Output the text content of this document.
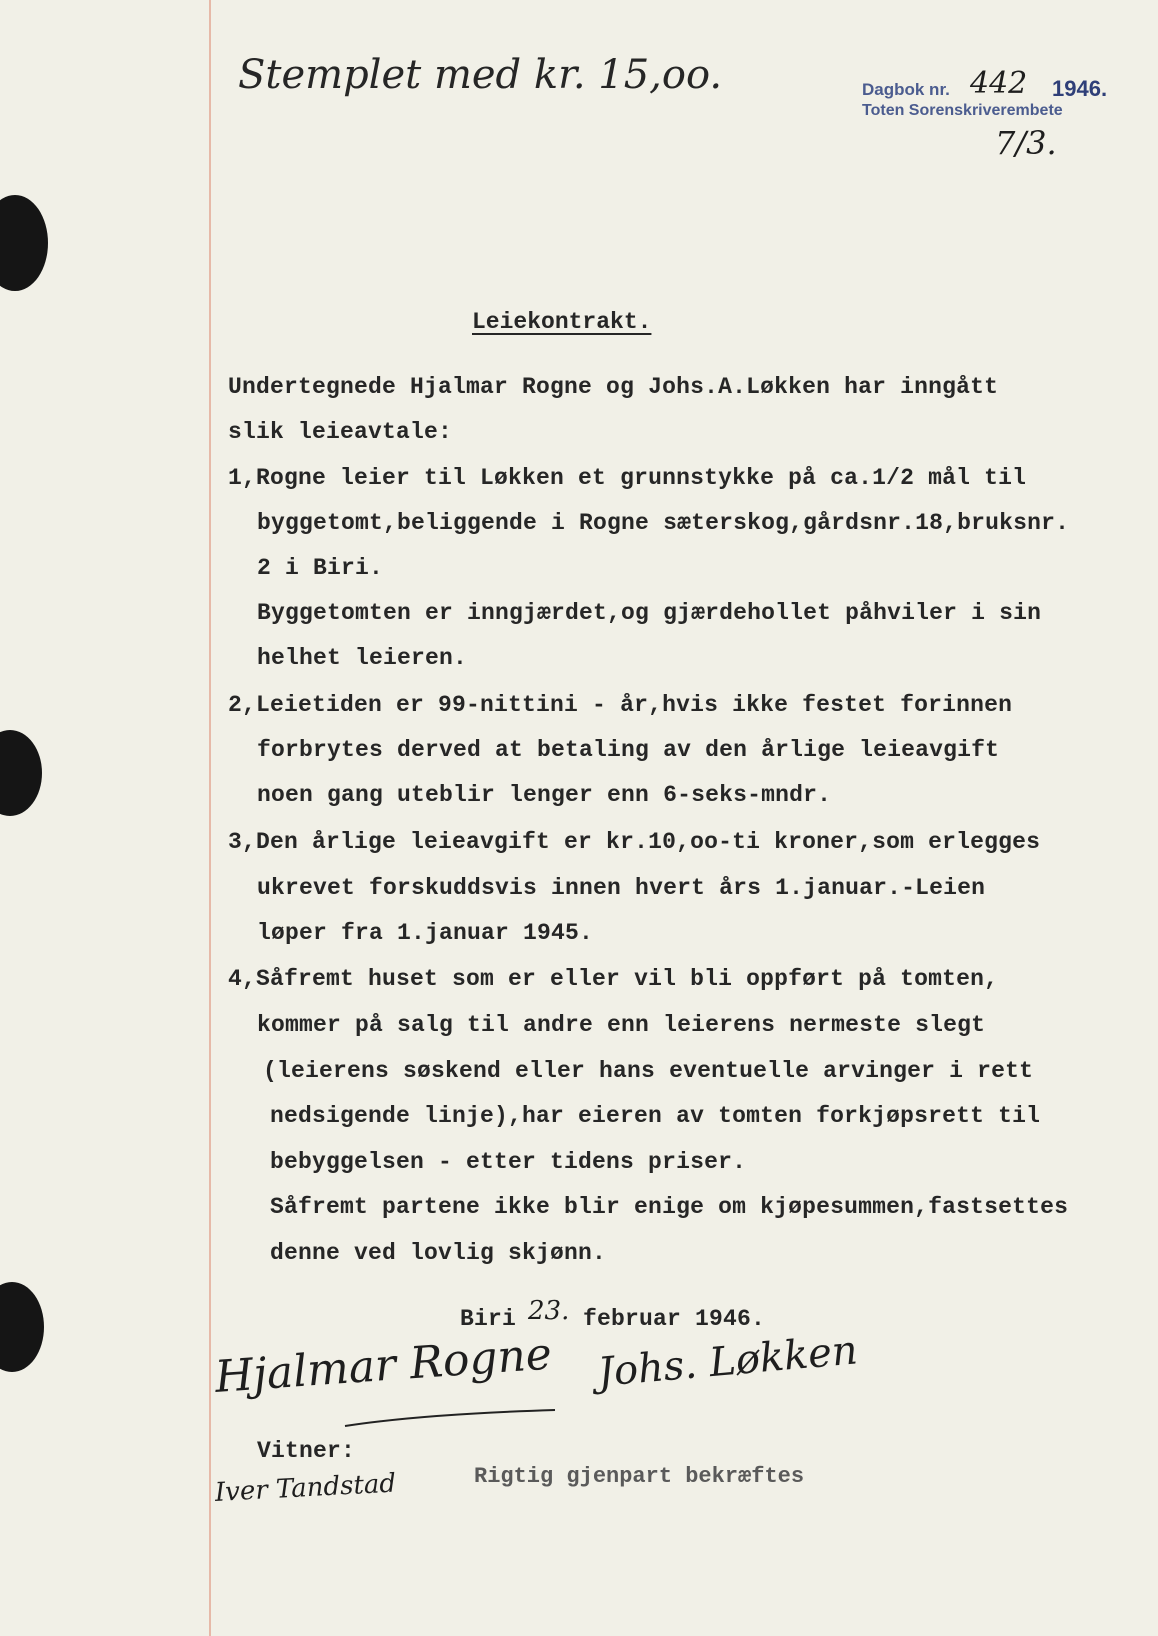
Stemplet med kr. 15,oo.	Dagbok nr. 442 1946.
Toten Sorenskriverembete
7/3.
Leiekontrakt.
Undertegnede Hjalmar Rogne og Johs.A.Løkken har inngått
slik leieavtale:
1,Rogne leier til Løkken et grunnstykke på ca.1/2 mål til
byggetomt,beliggende i Rogne sæterskog,gårdsnr.18,bruksnr.
2 i Biri.
Byggetomten er inngjærdet,og gjærdehollet påhviler i sin
helhet leieren.
2,Leietiden er 99-nittini - år,hvis ikke festet forinnen
forbrytes derved at betaling av den årlige leieavgift
noen gang uteblir lenger enn 6-seks-mndr.
3,Den årlige leieavgift er kr.10,oo-ti kroner,som erlegges
ukrevet forskuddsvis innen hvert års 1.januar.-Leien
løper fra 1.januar 1945.
4,Såfremt huset som er eller vil bli oppført på tomten,
kommer på salg til andre enn leierens nermeste slegt
(leierens søskend eller hans eventuelle arvinger i rett
nedsigende linje),har eieren av tomten forkjøpsrett til
bebyggelsen - etter tidens priser.
Såfremt partene ikke blir enige om kjøpesummen,fastsettes
denne ved lovlig skjønn.
Biri 23. februar 1946.
Hjalmar Rogne Johs. Løkken
Vitner:
Iver Tandstad	Rigtig gjenpart bekræftes
